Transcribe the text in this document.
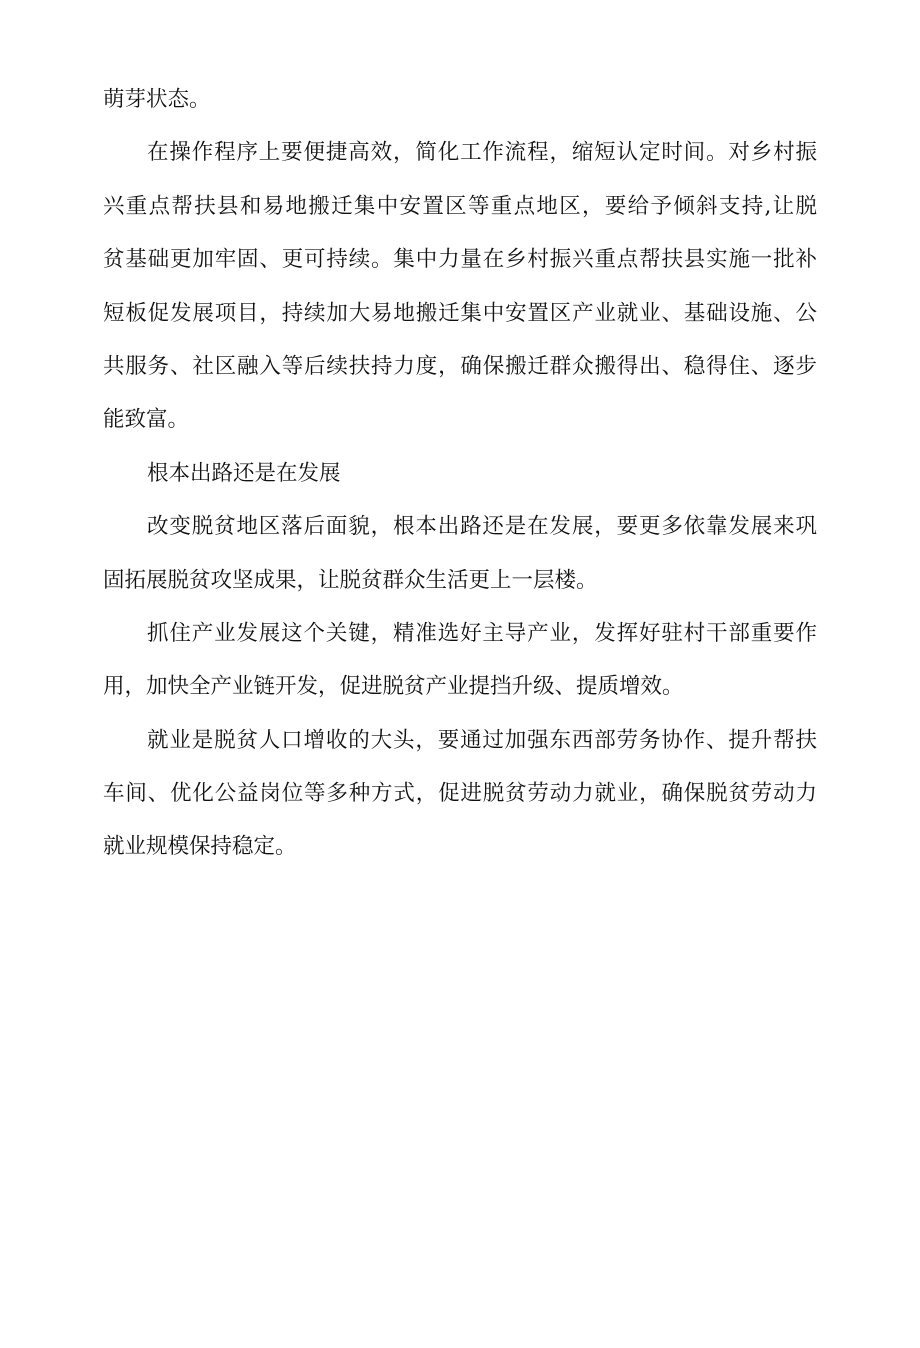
萌芽状态。
在操作程序上要便捷高效，简化工作流程，缩短认定时间。对乡村振
兴重点帮扶县和易地搬迁集中安置区等重点地区，要给予倾斜支持,让脱
贫基础更加牢固、更可持续。集中力量在乡村振兴重点帮扶县实施一批补
短板促发展项目，持续加大易地搬迁集中安置区产业就业、基础设施、公
共服务、社区融入等后续扶持力度，确保搬迁群众搬得出、稳得住、逐步
能致富。
根本出路还是在发展
改变脱贫地区落后面貌，根本出路还是在发展，要更多依靠发展来巩
固拓展脱贫攻坚成果，让脱贫群众生活更上一层楼。
抓住产业发展这个关键，精准选好主导产业，发挥好驻村干部重要作
用，加快全产业链开发，促进脱贫产业提挡升级、提质增效。
就业是脱贫人口增收的大头，要通过加强东西部劳务协作、提升帮扶
车间、优化公益岗位等多种方式，促进脱贫劳动力就业，确保脱贫劳动力
就业规模保持稳定。
